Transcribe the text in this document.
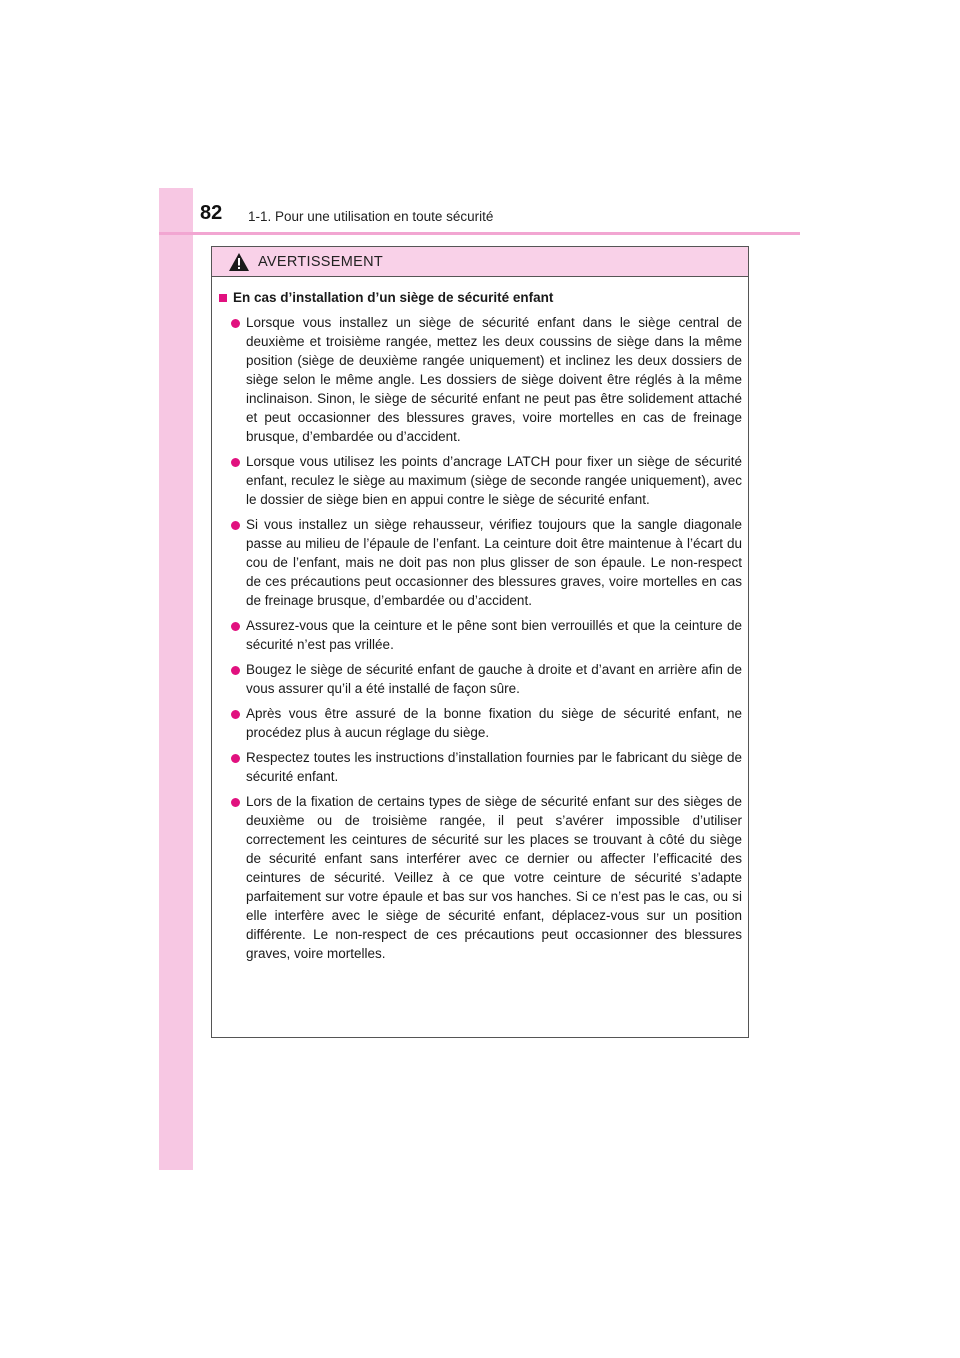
82 1-1. Pour une utilisation en toute sécurité
AVERTISSEMENT
En cas d’installation d’un siège de sécurité enfant
Lorsque vous installez un siège de sécurité enfant dans le siège central de deuxième et troisième rangée, mettez les deux coussins de siège dans la même position (siège de deuxième rangée uniquement) et inclinez les deux dossiers de siège selon le même angle. Les dossiers de siège doivent être réglés à la même inclinaison. Sinon, le siège de sécurité enfant ne peut pas être solidement attaché et peut occasionner des blessures graves, voire mortelles en cas de freinage brusque, d’embardée ou d’accident.
Lorsque vous utilisez les points d’ancrage LATCH pour fixer un siège de sécurité enfant, reculez le siège au maximum (siège de seconde rangée uniquement), avec le dossier de siège bien en appui contre le siège de sécurité enfant.
Si vous installez un siège rehausseur, vérifiez toujours que la sangle diagonale passe au milieu de l’épaule de l’enfant. La ceinture doit être maintenue à l’écart du cou de l’enfant, mais ne doit pas non plus glisser de son épaule. Le non-respect de ces précautions peut occasionner des blessures graves, voire mortelles en cas de freinage brusque, d’embardée ou d’accident.
Assurez-vous que la ceinture et le pêne sont bien verrouillés et que la ceinture de sécurité n’est pas vrillée.
Bougez le siège de sécurité enfant de gauche à droite et d’avant en arrière afin de vous assurer qu’il a été installé de façon sûre.
Après vous être assuré de la bonne fixation du siège de sécurité enfant, ne procédez plus à aucun réglage du siège.
Respectez toutes les instructions d’installation fournies par le fabricant du siège de sécurité enfant.
Lors de la fixation de certains types de siège de sécurité enfant sur des sièges de deuxième ou de troisième rangée, il peut s’avérer impossible d’utiliser correctement les ceintures de sécurité sur les places se trouvant à côté du siège de sécurité enfant sans interférer avec ce dernier ou affecter l’efficacité des ceintures de sécurité. Veillez à ce que votre ceinture de sécurité s’adapte parfaitement sur votre épaule et bas sur vos hanches. Si ce n’est pas le cas, ou si elle interfère avec le siège de sécurité enfant, déplacez-vous sur un position différente. Le non-respect de ces précautions peut occasionner des blessures graves, voire mortelles.
